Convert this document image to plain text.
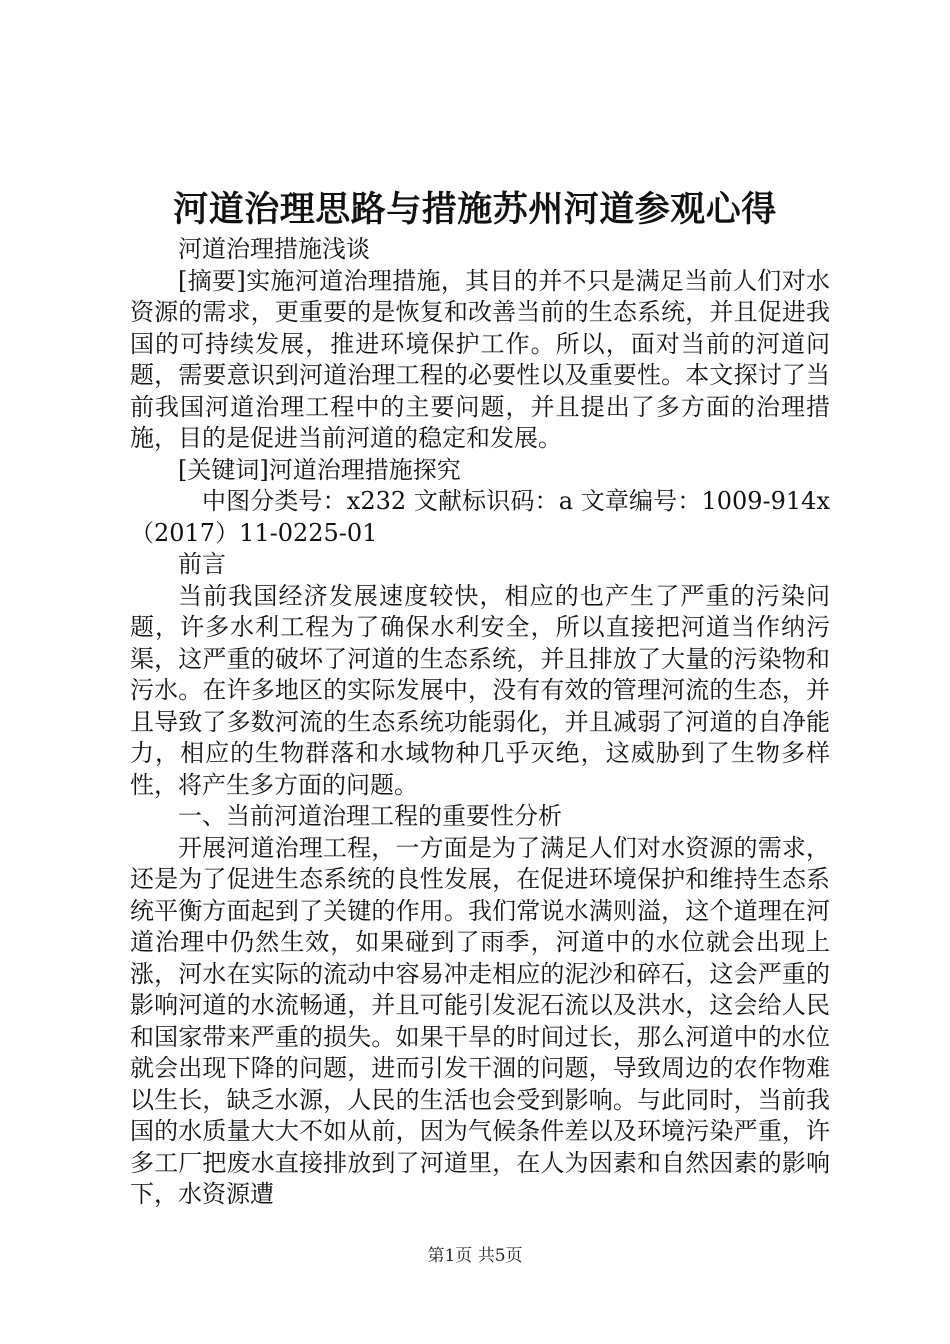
河道治理思路与措施苏州河道参观心得

河道治理措施浅谈

[摘要]实施河道治理措施，其目的并不只是满足当前人们对水资源的需求，更重要的是恢复和改善当前的生态系统，并且促进我国的可持续发展，推进环境保护工作。所以，面对当前的河道问题，需要意识到河道治理工程的必要性以及重要性。本文探讨了当前我国河道治理工程中的主要问题，并且提出了多方面的治理措施，目的是促进当前河道的稳定和发展。

[关键词]河道治理措施探究

中图分类号：x232 文献标识码：a 文章编号：1009-914x（2017）11-0225-01

前言

当前我国经济发展速度较快，相应的也产生了严重的污染问题，许多水利工程为了确保水利安全，所以直接把河道当作纳污渠，这严重的破坏了河道的生态系统，并且排放了大量的污染物和污水。在许多地区的实际发展中，没有有效的管理河流的生态，并且导致了多数河流的生态系统功能弱化，并且减弱了河道的自净能力，相应的生物群落和水域物种几乎灭绝，这威胁到了生物多样性，将产生多方面的问题。

一、当前河道治理工程的重要性分析

开展河道治理工程，一方面是为了满足人们对水资源的需求，还是为了促进生态系统的良性发展，在促进环境保护和维持生态系统平衡方面起到了关键的作用。我们常说水满则溢，这个道理在河道治理中仍然生效，如果碰到了雨季，河道中的水位就会出现上涨，河水在实际的流动中容易冲走相应的泥沙和碎石，这会严重的影响河道的水流畅通，并且可能引发泥石流以及洪水，这会给人民和国家带来严重的损失。如果干旱的时间过长，那么河道中的水位就会出现下降的问题，进而引发干涸的问题，导致周边的农作物难以生长，缺乏水源，人民的生活也会受到影响。与此同时，当前我国的水质量大大不如从前，因为气候条件差以及环境污染严重，许多工厂把废水直接排放到了河道里，在人为因素和自然因素的影响下，水资源遭

第1页 共5页
